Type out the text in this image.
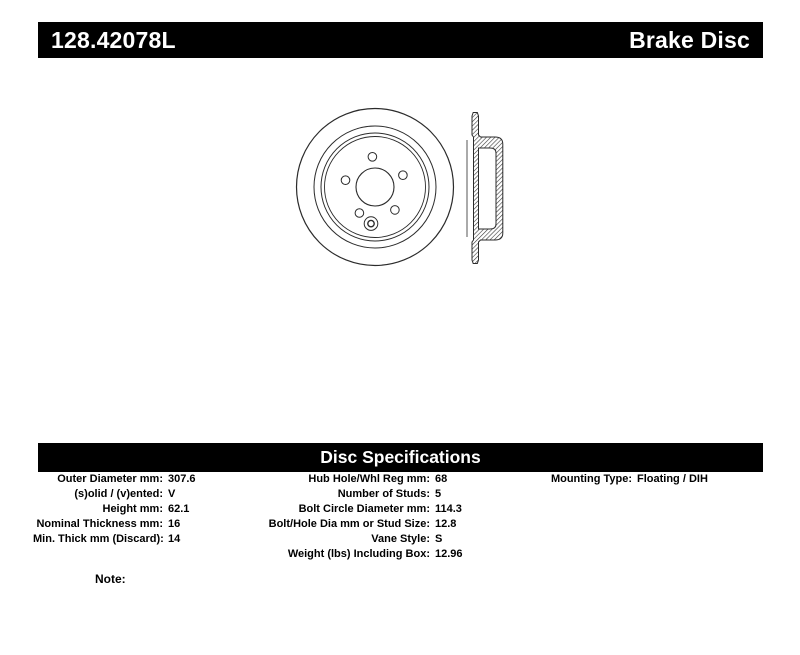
128.42078L	Brake Disc
Disc Specifications
Outer Diameter mm: 307.6
(s)olid / (v)ented: V
Height mm: 62.1
Nominal Thickness mm: 16
Min. Thick mm (Discard): 14
Hub Hole/Whl Reg mm: 68
Number of Studs: 5
Bolt Circle Diameter mm: 114.3
Bolt/Hole Dia mm or Stud Size: 12.8
Vane Style: S
Weight (lbs) Including Box: 12.96
Mounting Type: Floating / DIH
Note:
